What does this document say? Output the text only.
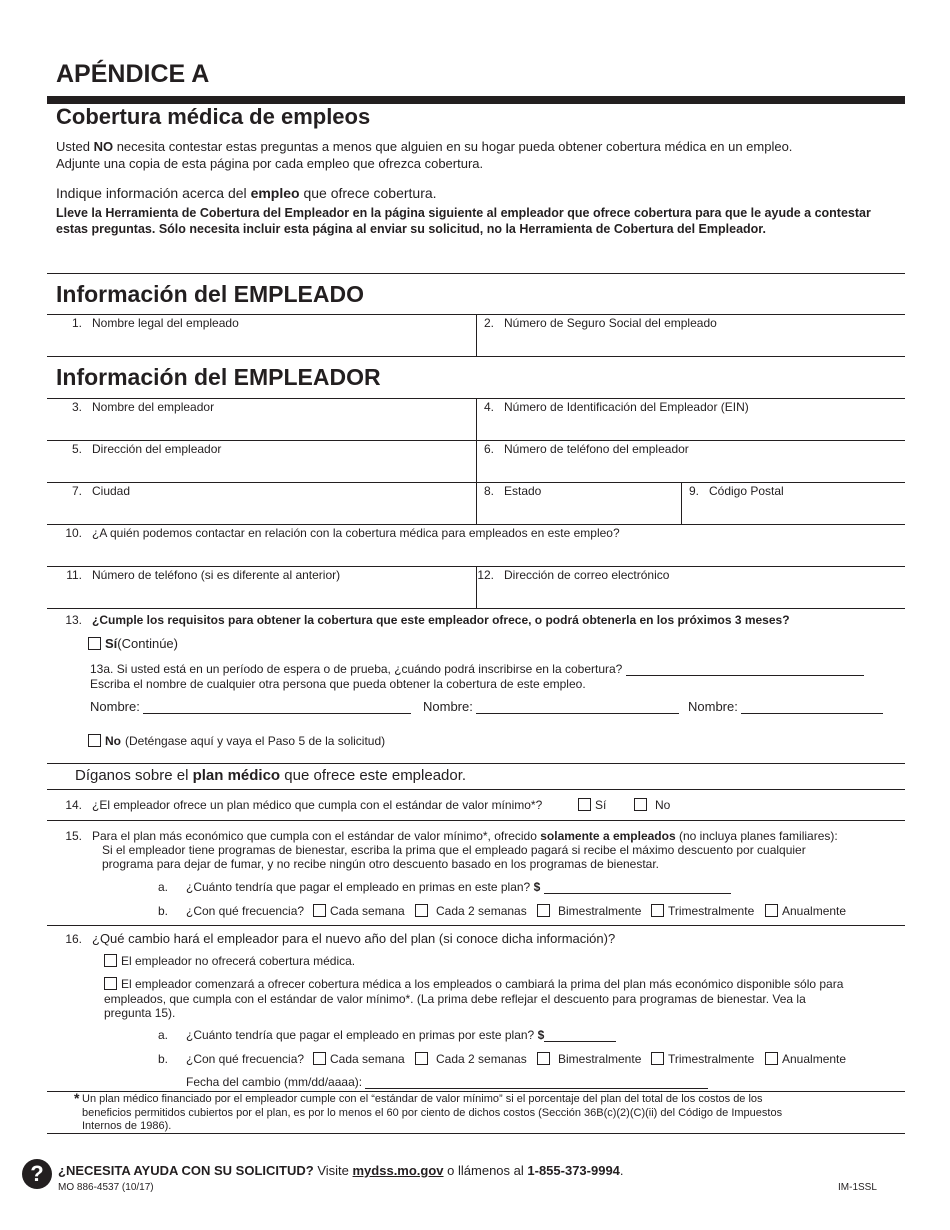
APÉNDICE A
Cobertura médica de empleos
Usted NO necesita contestar estas preguntas a menos que alguien en su hogar pueda obtener cobertura médica en un empleo.
Adjunte una copia de esta página por cada empleo que ofrezca cobertura.
Indique información acerca del empleo que ofrece cobertura.
Lleve la Herramienta de Cobertura del Empleador en la página siguiente al empleador que ofrece cobertura para que le ayude a contestar estas preguntas. Sólo necesita incluir esta página al enviar su solicitud, no la Herramienta de Cobertura del Empleador.
Información del EMPLEADO
1. Nombre legal del empleado	2. Número de Seguro Social del empleado
Información del EMPLEADOR
3. Nombre del empleador	4. Número de Identificación del Empleador (EIN)
5. Dirección del empleador	6. Número de teléfono del empleador
7. Ciudad	8. Estado	9. Código Postal
10. ¿A quién podemos contactar en relación con la cobertura médica para empleados en este empleo?
11. Número de teléfono (si es diferente al anterior)	12. Dirección de correo electrónico
13. ¿Cumple los requisitos para obtener la cobertura que este empleador ofrece, o podrá obtenerla en los próximos 3 meses?
Sí(Continúe)
13a. Si usted está en un período de espera o de prueba, ¿cuándo podrá inscribirse en la cobertura?
Escriba el nombre de cualquier otra persona que pueda obtener la cobertura de este empleo.
Nombre:	Nombre:	Nombre:
No (Deténgase aquí y vaya el Paso 5 de la solicitud)
Díganos sobre el plan médico que ofrece este empleador.
14. ¿El empleador ofrece un plan médico que cumpla con el estándar de valor mínimo*?	Sí	No
15. Para el plan más económico que cumpla con el estándar de valor mínimo*, ofrecido solamente a empleados (no incluya planes familiares):
Si el empleador tiene programas de bienestar, escriba la prima que el empleado pagará si recibe el máximo descuento por cualquier
programa para dejar de fumar, y no recibe ningún otro descuento basado en los programas de bienestar.
a. ¿Cuánto tendría que pagar el empleado en primas en este plan? $
b. ¿Con qué frecuencia?	Cada semana	Cada 2 semanas	Bimestralmente	Trimestralmente	Anualmente
16. ¿Qué cambio hará el empleador para el nuevo año del plan (si conoce dicha información)?
El empleador no ofrecerá cobertura médica.
El empleador comenzará a ofrecer cobertura médica a los empleados o cambiará la prima del plan más económico disponible sólo para
empleados, que cumpla con el estándar de valor mínimo*. (La prima debe reflejar el descuento para programas de bienestar. Vea la
pregunta 15).
a. ¿Cuánto tendría que pagar el empleado en primas por este plan? $
b. ¿Con qué frecuencia?	Cada semana	Cada 2 semanas	Bimestralmente	Trimestralmente	Anualmente
Fecha del cambio (mm/dd/aaaa):
* Un plan médico financiado por el empleador cumple con el “estándar de valor mínimo” si el porcentaje del plan del total de los costos de los
beneficios permitidos cubiertos por el plan, es por lo menos el 60 por ciento de dichos costos (Sección 36B(c)(2)(C)(ii) del Código de Impuestos
Internos de 1986).
?	¿NECESITA AYUDA CON SU SOLICITUD? Visite mydss.mo.gov o llámenos al 1-855-373-9994.
MO 886-4537 (10/17)	IM-1SSL
